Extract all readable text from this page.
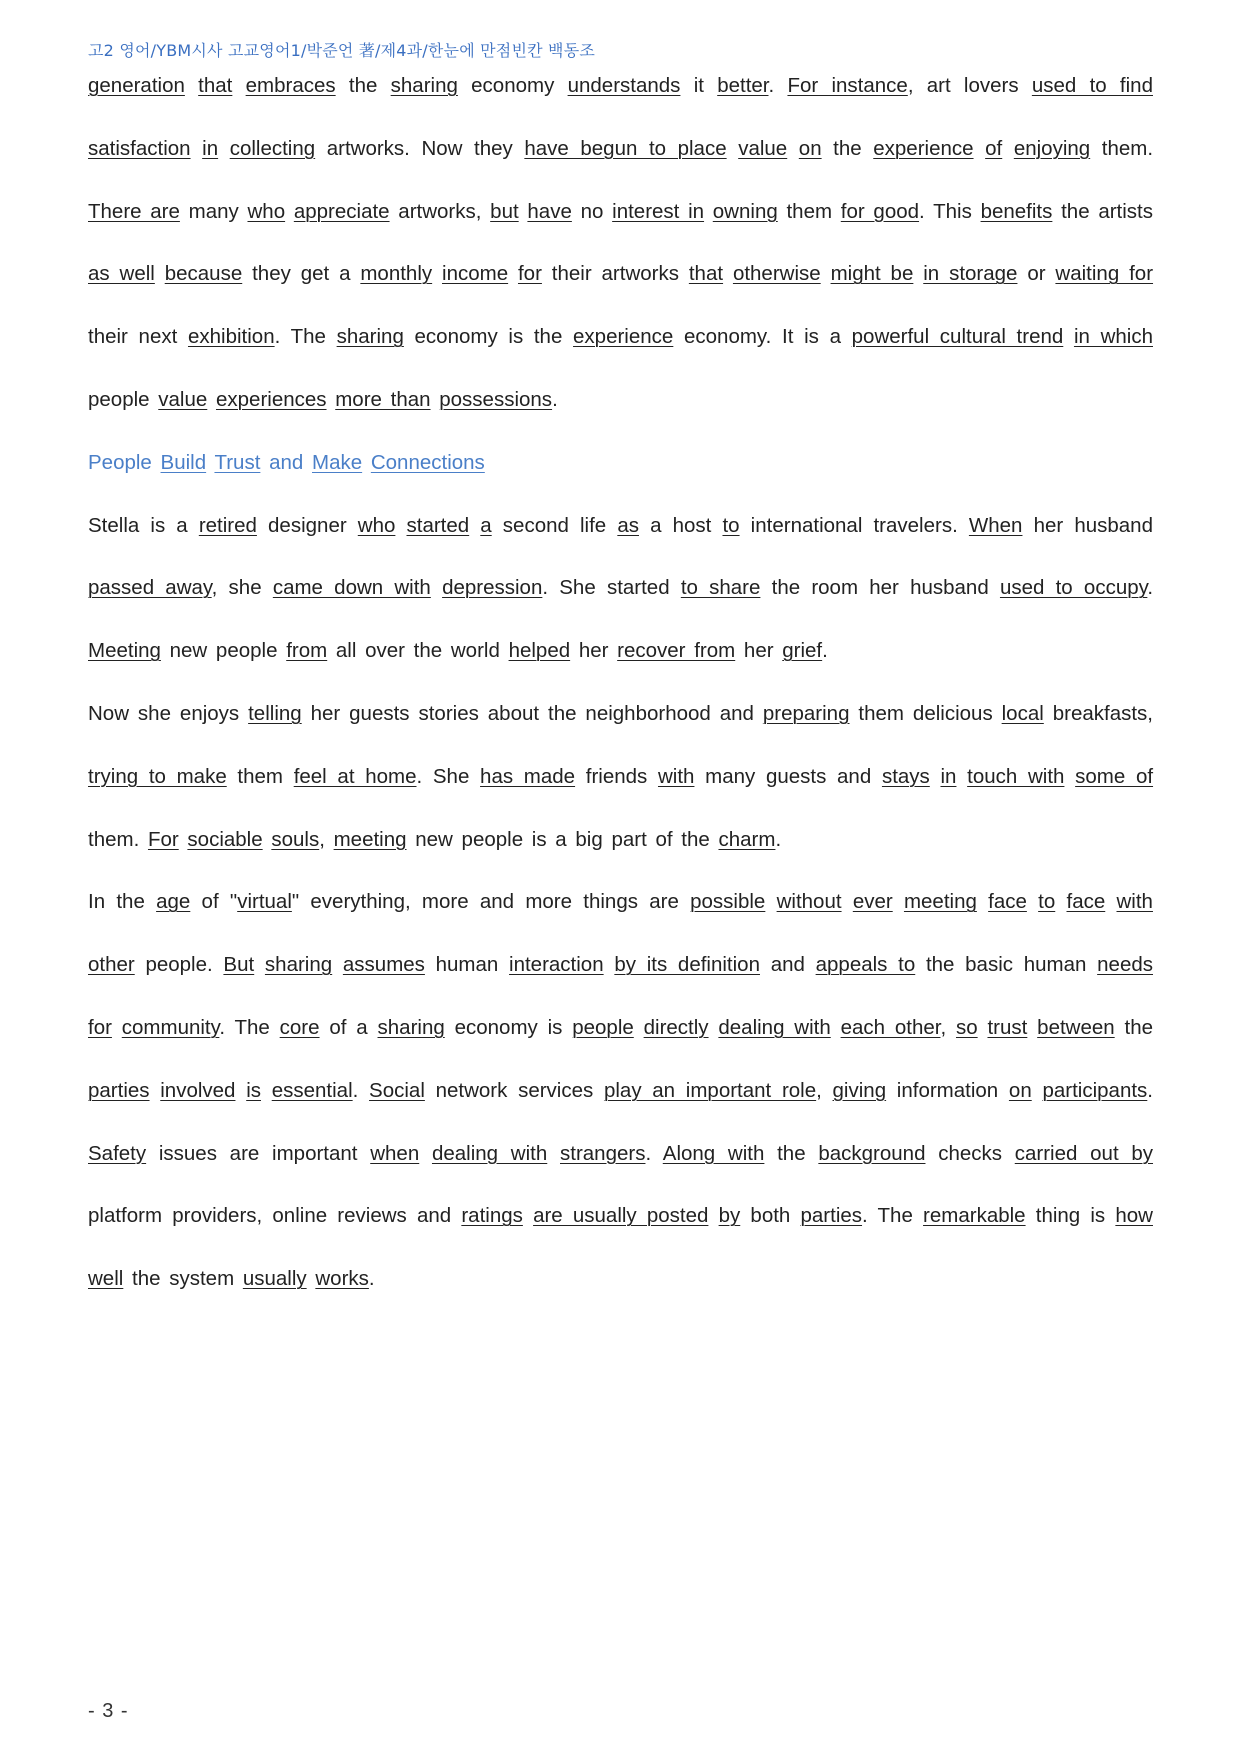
고2 영어/YBM시사 고교영어1/박준언 著/제4과/한눈에 만점빈칸 백동조

generation that embraces the sharing economy understands it better. For instance, art lovers used to find satisfaction in collecting artworks. Now they have begun to place value on the experience of enjoying them. There are many who appreciate artworks, but have no interest in owning them for good. This benefits the artists as well because they get a monthly income for their artworks that otherwise might be in storage or waiting for their next exhibition. The sharing economy is the experience economy. It is a powerful cultural trend in which people value experiences more than possessions.

People Build Trust and Make Connections

Stella is a retired designer who started a second life as a host to international travelers. When her husband passed away, she came down with depression. She started to share the room her husband used to occupy. Meeting new people from all over the world helped her recover from her grief.

Now she enjoys telling her guests stories about the neighborhood and preparing them delicious local breakfasts, trying to make them feel at home. She has made friends with many guests and stays in touch with some of them. For sociable souls, meeting new people is a big part of the charm.

In the age of "virtual" everything, more and more things are possible without ever meeting face to face with other people. But sharing assumes human interaction by its definition and appeals to the basic human needs for community. The core of a sharing economy is people directly dealing with each other, so trust between the parties involved is essential. Social network services play an important role, giving information on participants. Safety issues are important when dealing with strangers. Along with the background checks carried out by platform providers, online reviews and ratings are usually posted by both parties. The remarkable thing is how well the system usually works.

- 3 -
